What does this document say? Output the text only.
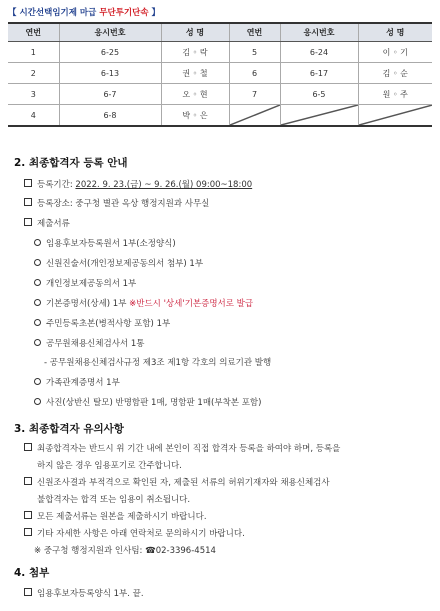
【 시간선택임기제 마급 무단투기단속 】
연번	응시번호	성 명	연번	응시번호	성 명
1	6-25	김 ◦ 락	5	6-24	이 ◦ 기
2	6-13	권 ◦ 철	6	6-17	김 ◦ 순
3	6-7	오 ◦ 현	7	6-5	원 ◦ 주
4	6-8	박 ◦ 은	

2. 최종합격자 등록 안내
등록기간: 2022. 9. 23.(금) ~ 9. 26.(월) 09:00~18:00
등록장소: 중구청 별관 옥상 행정지원과 사무실
제출서류
임용후보자등록원서 1부(소정양식)
신원진술서(개인정보제공동의서 첨부) 1부
개인정보제공동의서 1부
기본증명서(상세) 1부 ※반드시 '상세'기본증명서로 발급
주민등록초본(병적사항 포함) 1부
공무원채용신체검사서 1통
- 공무원채용신체검사규정 제3조 제1항 각호의 의료기관 발행
가족관계증명서 1부
사진(상반신 탈모) 반명함판 1매, 명함판 1매(부착본 포함)
3. 최종합격자 유의사항
최종합격자는 반드시 위 기간 내에 본인이 직접 합격자 등록을 하여야 하며, 등록을
하지 않은 경우 임용포기로 간주합니다.
신원조사결과 부적격으로 확인된 자, 제출된 서류의 허위기재자와 채용신체검사
불합격자는 합격 또는 임용이 취소됩니다.
모든 제출서류는 원본을 제출하시기 바랍니다.
기타 자세한 사항은 아래 연락처로 문의하시기 바랍니다.
※ 중구청 행정지원과 인사팀: ☎02-3396-4514
4. 첨부
임용후보자등록양식 1부. 끝.
